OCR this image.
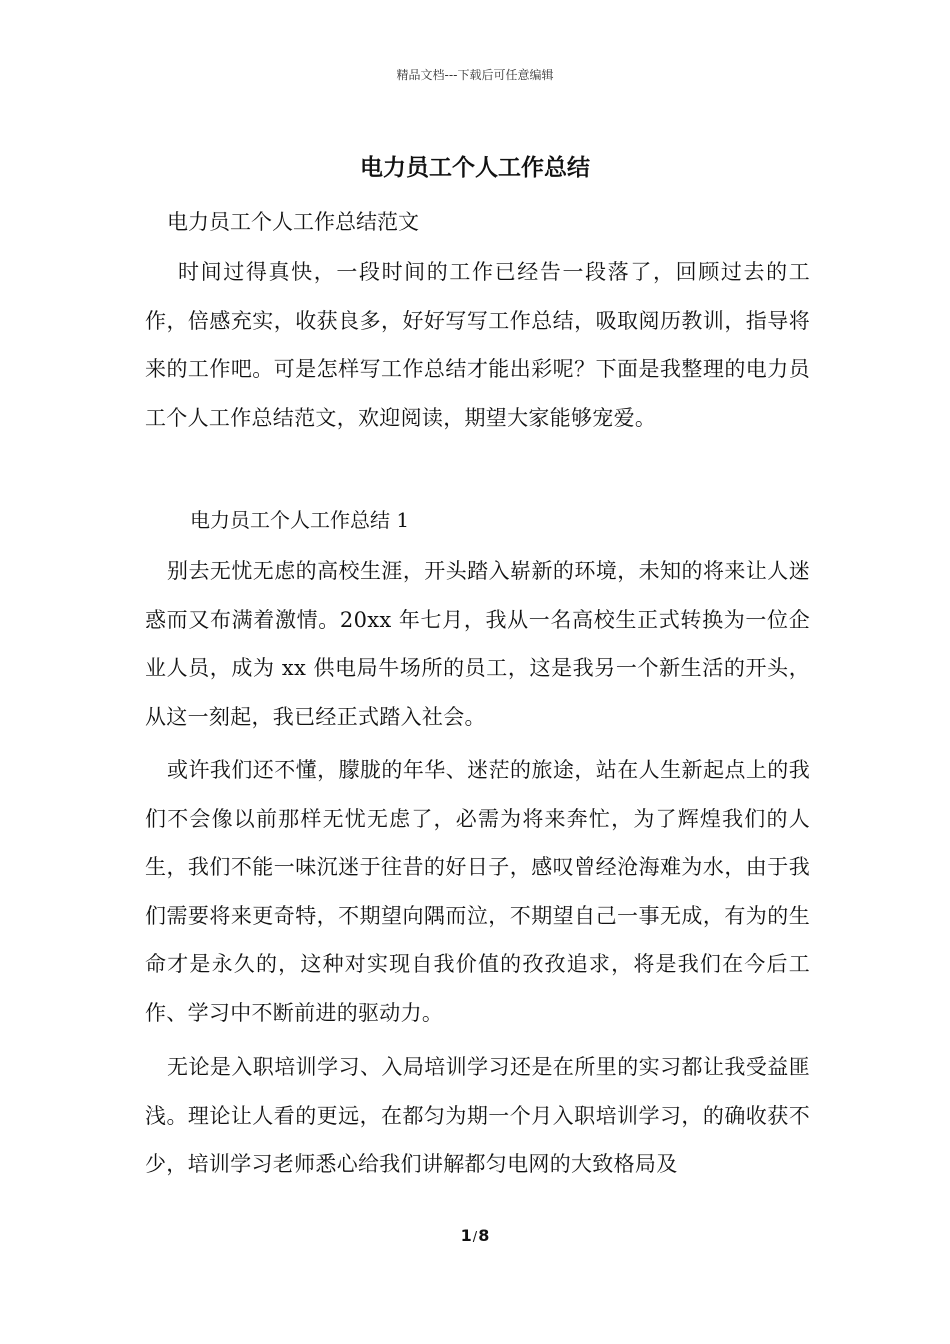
精品文档---下载后可任意编辑
电力员工个人工作总结

电力员工个人工作总结范文

时间过得真快，一段时间的工作已经告一段落了，回顾过去的工作，倍感充实，收获良多，好好写写工作总结，吸取阅历教训，指导将来的工作吧。可是怎样写工作总结才能出彩呢？下面是我整理的电力员工个人工作总结范文，欢迎阅读，期望大家能够宠爱。

电力员工个人工作总结 1

别去无忧无虑的高校生涯，开头踏入崭新的环境，未知的将来让人迷惑而又布满着激情。20xx 年七月，我从一名高校生正式转换为一位企业人员，成为 xx 供电局牛场所的员工，这是我另一个新生活的开头，从这一刻起，我已经正式踏入社会。

或许我们还不懂，朦胧的年华、迷茫的旅途，站在人生新起点上的我们不会像以前那样无忧无虑了，必需为将来奔忙，为了辉煌我们的人生，我们不能一味沉迷于往昔的好日子，感叹曾经沧海难为水，由于我们需要将来更奇特，不期望向隅而泣，不期望自己一事无成，有为的生命才是永久的，这种对实现自我价值的孜孜追求，将是我们在今后工作、学习中不断前进的驱动力。

无论是入职培训学习、入局培训学习还是在所里的实习都让我受益匪浅。理论让人看的更远，在都匀为期一个月入职培训学习，的确收获不少，培训学习老师悉心给我们讲解都匀电网的大致格局及

1/8
